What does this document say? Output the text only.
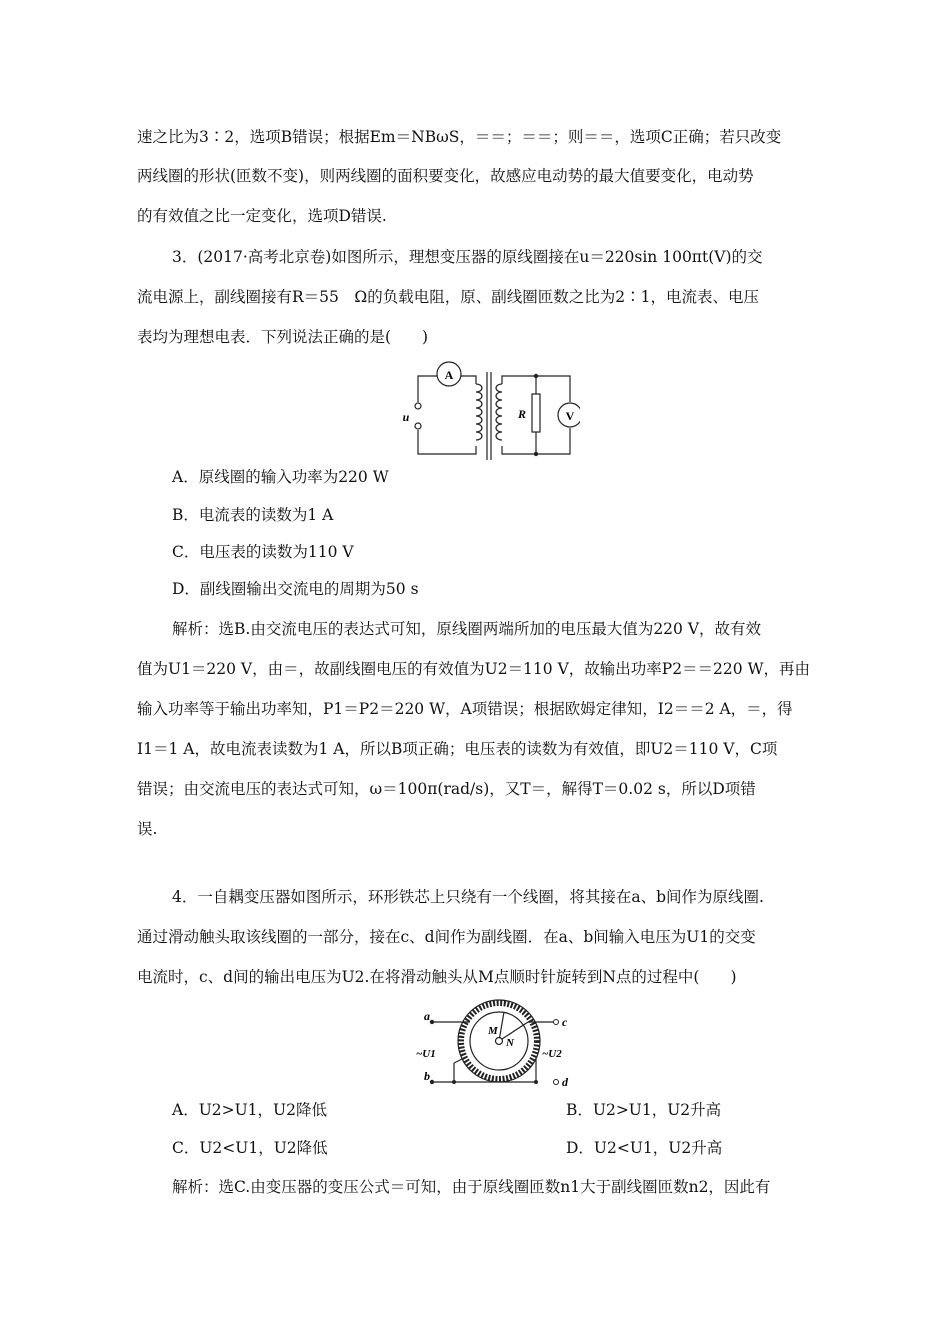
速之比为3∶2，选项B错误；根据Em＝NBωS，＝＝；＝＝；则＝＝，选项C正确；若只改变
两线圈的形状(匝数不变)，则两线圈的面积要变化，故感应电动势的最大值要变化，电动势
的有效值之比一定变化，选项D错误.
3．(2017·高考北京卷)如图所示，理想变压器的原线圈接在u＝220sin 100πt(V)的交
流电源上，副线圈接有R＝55　Ω的负载电阻，原、副线圈匝数之比为2∶1，电流表、电压
表均为理想电表．下列说法正确的是(　　)
A
V
R
u
A．原线圈的输入功率为220 W
B．电流表的读数为1 A
C．电压表的读数为110 V
D．副线圈输出交流电的周期为50 s
解析：选B.由交流电压的表达式可知，原线圈两端所加的电压最大值为220 V，故有效
值为U1＝220 V，由＝，故副线圈电压的有效值为U2＝110 V，故输出功率P2＝＝220 W，再由
输入功率等于输出功率知，P1＝P2＝220 W，A项错误；根据欧姆定律知，I2＝＝2 A，＝，得
I1＝1 A，故电流表读数为1 A，所以B项正确；电压表的读数为有效值，即U2＝110 V，C项
错误；由交流电压的表达式可知，ω＝100π(rad/s)，又T＝，解得T＝0.02 s，所以D项错
误.
4．一自耦变压器如图所示，环形铁芯上只绕有一个线圈，将其接在a、b间作为原线圈.
通过滑动触头取该线圈的一部分，接在c、d间作为副线圈．在a、b间输入电压为U1的交变
电流时，c、d间的输出电压为U2.在将滑动触头从M点顺时针旋转到N点的过程中(　　)
a
b
c
d
M
N
~U1	~U2
A．U2>U1，U2降低	B．U2>U1，U2升高
C．U2<U1，U2降低	D．U2<U1，U2升高
解析：选C.由变压器的变压公式＝可知，由于原线圈匝数n1大于副线圈匝数n2，因此有
